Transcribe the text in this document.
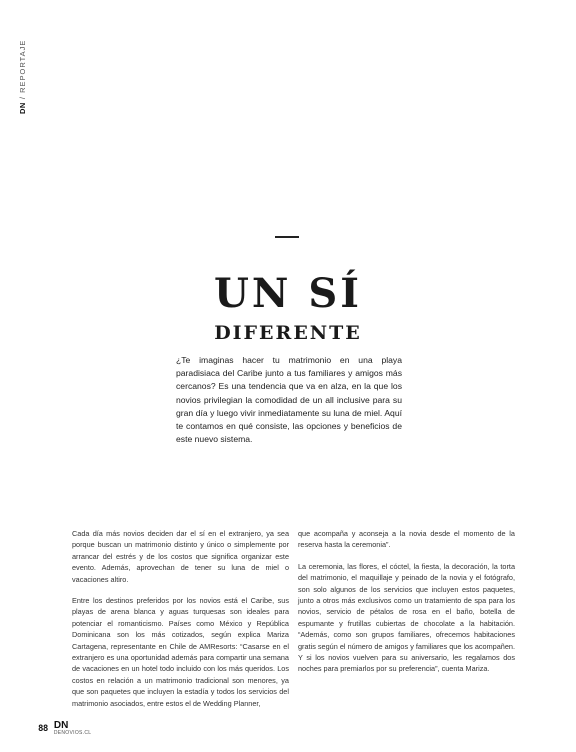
DN / REPORTAJE
UN SÍ
DIFERENTE

¿Te imaginas hacer tu matrimonio en una playa paradisiaca del Caribe junto a tus familiares y amigos más cercanos? Es una tendencia que va en alza, en la que los novios privilegian la comodidad de un all inclusive para su gran día y luego vivir inmediatamente su luna de miel. Aquí te contamos en qué consiste, las opciones y beneficios de este nuevo sistema.

Cada día más novios deciden dar el sí en el extranjero, ya sea porque buscan un matrimonio distinto y único o simplemente por arrancar del estrés y de los costos que significa organizar este evento. Además, aprovechan de tener su luna de miel o vacaciones altiro.

Entre los destinos preferidos por los novios está el Caribe, sus playas de arena blanca y aguas turquesas son ideales para potenciar el romanticismo. Países como México y República Dominicana son los más cotizados, según explica Mariza Cartagena, representante en Chile de AMResorts: “Casarse en el extranjero es una oportunidad además para compartir una semana de vacaciones en un hotel todo incluido con los más queridos. Los costos en relación a un matrimonio tradicional son menores, ya que son paquetes que incluyen la estadía y todos los servicios del matrimonio asociados, entre estos el de Wedding Planner,

que acompaña y aconseja a la novia desde el momento de la reserva hasta la ceremonia”.

La ceremonia, las flores, el cóctel, la fiesta, la decoración, la torta del matrimonio, el maquillaje y peinado de la novia y el fotógrafo, son solo algunos de los servicios que incluyen estos paquetes, junto a otros más exclusivos como un tratamiento de spa para los novios, servicio de pétalos de rosa en el baño, botella de espumante y frutillas cubiertas de chocolate a la habitación. “Además, como son grupos familiares, ofrecemos habitaciones gratis según el número de amigos y familiares que los acompañen. Y si los novios vuelven para su aniversario, les regalamos dos noches para premiarlos por su preferencia”, cuenta Mariza.

88 DN
DENOVIOS.CL
